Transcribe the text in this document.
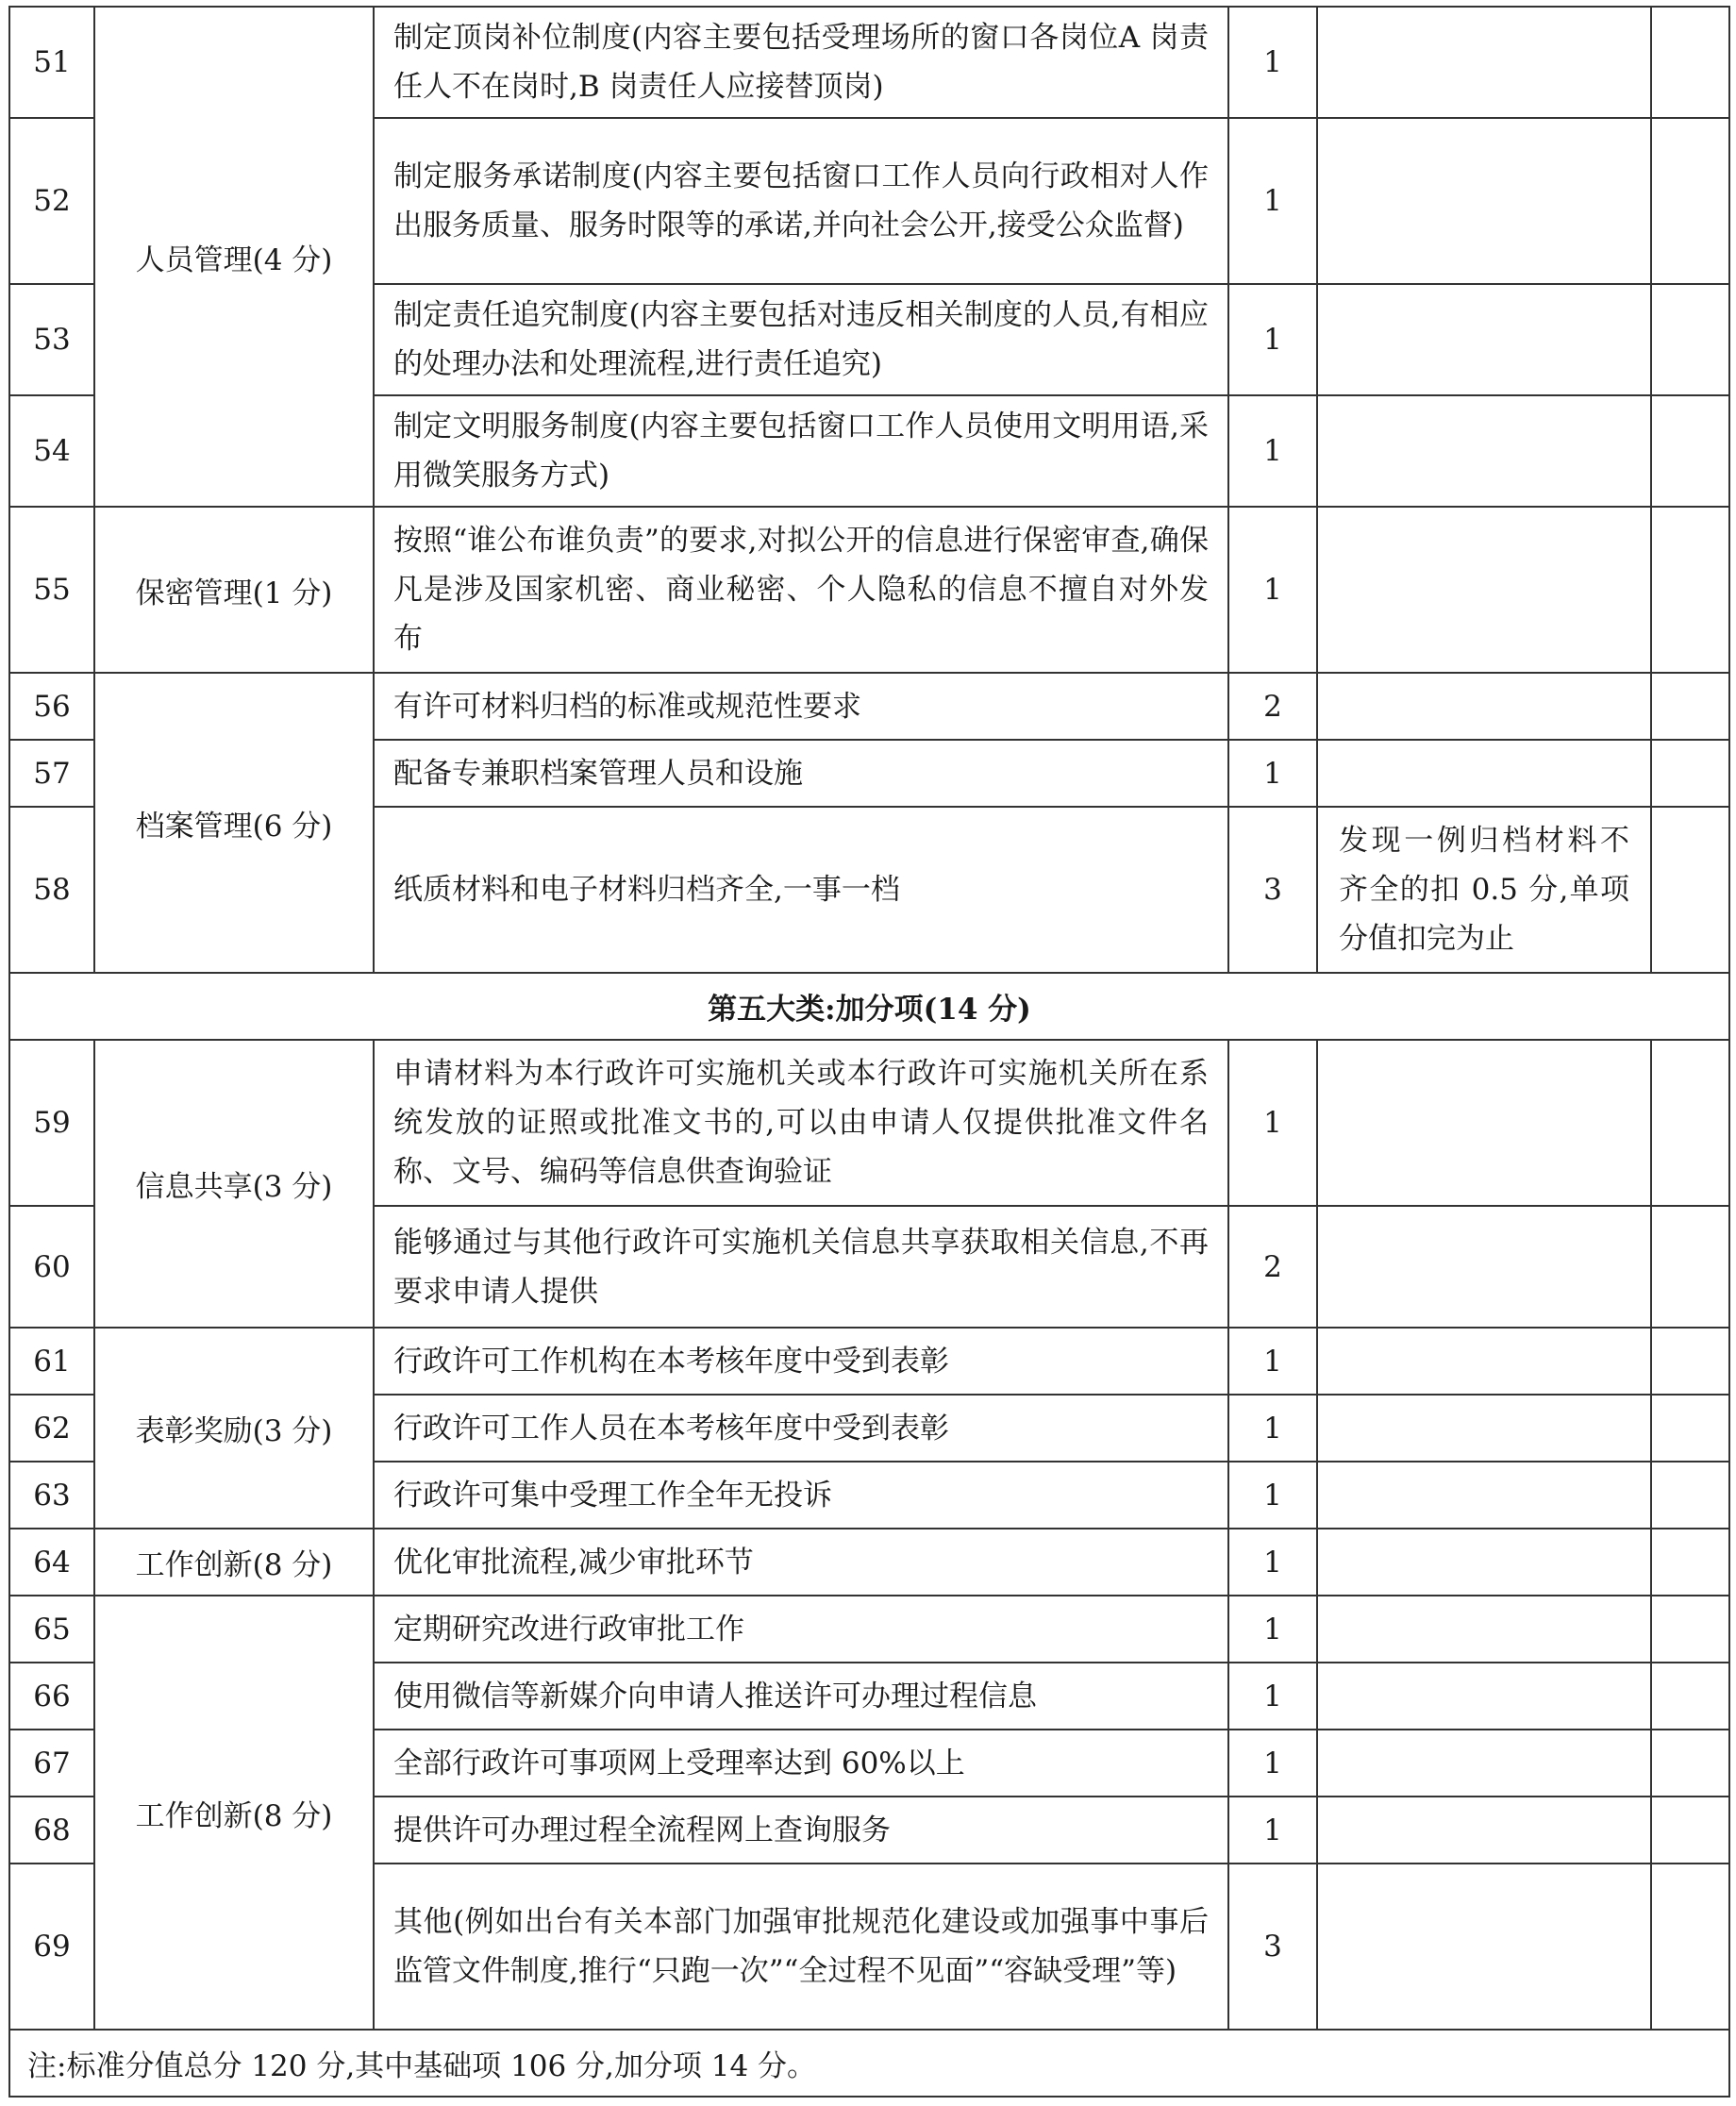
51	人员管理(4 分)	制定顶岗补位制度(内容主要包括受理场所的窗口各岗位A 岗责任人不在岗时,B 岗责任人应接替顶岗)	1		
52		制定服务承诺制度(内容主要包括窗口工作人员向行政相对人作出服务质量、服务时限等的承诺,并向社会公开,接受公众监督)	1		
53		制定责任追究制度(内容主要包括对违反相关制度的人员,有相应的处理办法和处理流程,进行责任追究)	1		
54		制定文明服务制度(内容主要包括窗口工作人员使用文明用语,采用微笑服务方式)	1		
55	保密管理(1 分)	按照“谁公布谁负责”的要求,对拟公开的信息进行保密审查,确保凡是涉及国家机密、商业秘密、个人隐私的信息不擅自对外发布	1		
56	档案管理(6 分)	有许可材料归档的标准或规范性要求	2		
57		配备专兼职档案管理人员和设施	1		
58		纸质材料和电子材料归档齐全,一事一档	3	发现一例归档材料不齐全的扣 0.5 分,单项分值扣完为止	
第五大类:加分项(14 分)					
59	信息共享(3 分)	申请材料为本行政许可实施机关或本行政许可实施机关所在系统发放的证照或批准文书的,可以由申请人仅提供批准文件名称、文号、编码等信息供查询验证	1		
60		能够通过与其他行政许可实施机关信息共享获取相关信息,不再要求申请人提供	2		
61	表彰奖励(3 分)	行政许可工作机构在本考核年度中受到表彰	1		
62		行政许可工作人员在本考核年度中受到表彰	1		
63		行政许可集中受理工作全年无投诉	1		
64	工作创新(8 分)	优化审批流程,减少审批环节	1		
65	工作创新(8 分)	定期研究改进行政审批工作	1		
66		使用微信等新媒介向申请人推送许可办理过程信息	1		
67		全部行政许可事项网上受理率达到 60%以上	1		
68		提供许可办理过程全流程网上查询服务	1		
69		其他(例如出台有关本部门加强审批规范化建设或加强事中事后监管文件制度,推行“只跑一次”“全过程不见面”“容缺受理”等)	3		
注:标准分值总分 120 分,其中基础项 106 分,加分项 14 分。					
